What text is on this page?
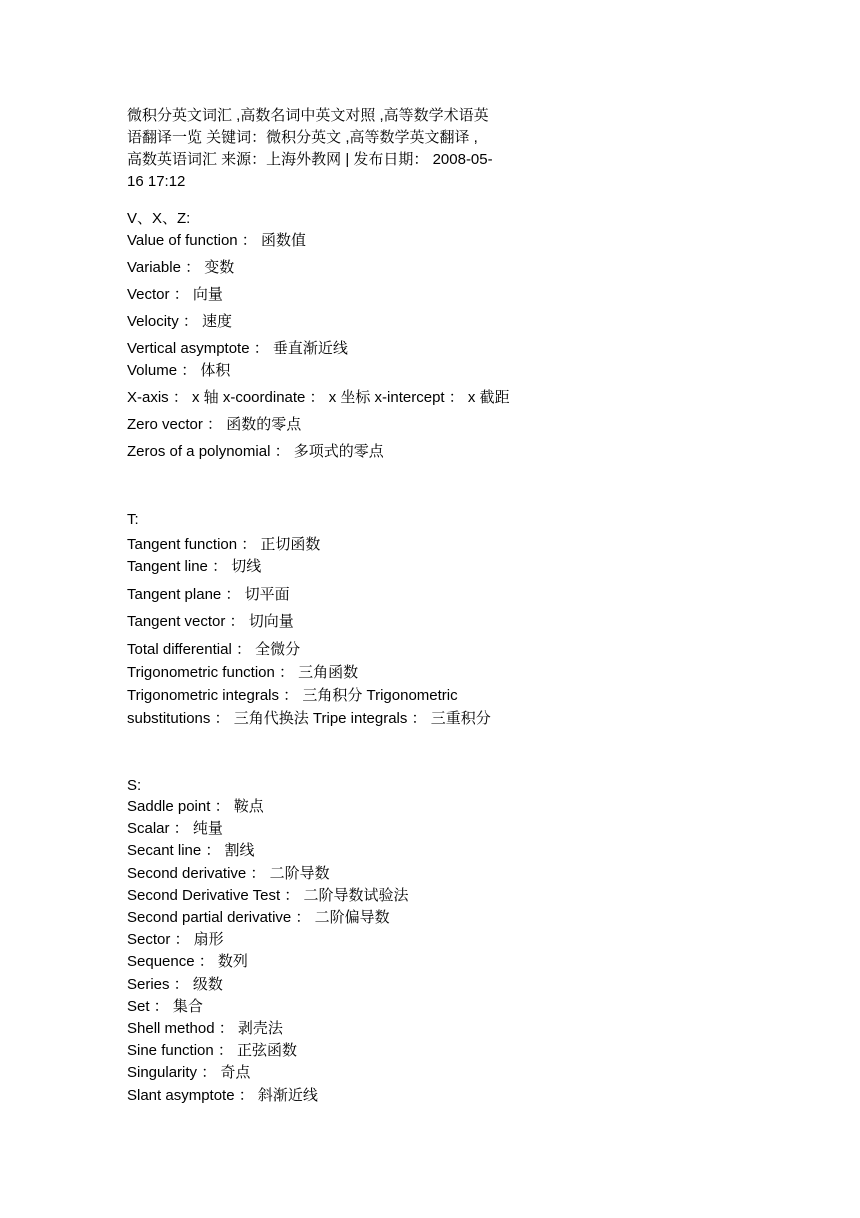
微积分英文词汇 ,高数名词中英文对照 ,高等数学术语英
语翻译一览 关键词：微积分英文 ,高等数学英文翻译 ,
高数英语词汇 来源：上海外教网 | 发布日期： 2008-05-
16 17:12
V、X、Z:
Value of function ： 函数值
Variable ： 变数
Vector ： 向量
Velocity ： 速度
Vertical asymptote ： 垂直渐近线
Volume ： 体积
X-axis ： x 轴 x-coordinate ： x 坐标 x-intercept ： x 截距
Zero vector ： 函数的零点
Zeros of a polynomial ： 多项式的零点
T:
Tangent function ： 正切函数
Tangent line ： 切线
Tangent plane ： 切平面
Tangent vector ： 切向量
Total differential ： 全微分
Trigonometric function ： 三角函数
Trigonometric integrals ： 三角积分 Trigonometric
substitutions ： 三角代换法 Tripe integrals ： 三重积分
S:
Saddle point ： 鞍点
Scalar ： 纯量
Secant line ： 割线
Second derivative ： 二阶导数
Second Derivative Test ： 二阶导数试验法
Second partial derivative ： 二阶偏导数
Sector ： 扇形
Sequence ： 数列
Series ： 级数
Set ： 集合
Shell method ： 剥壳法
Sine function ： 正弦函数
Singularity ： 奇点
Slant asymptote ： 斜渐近线
